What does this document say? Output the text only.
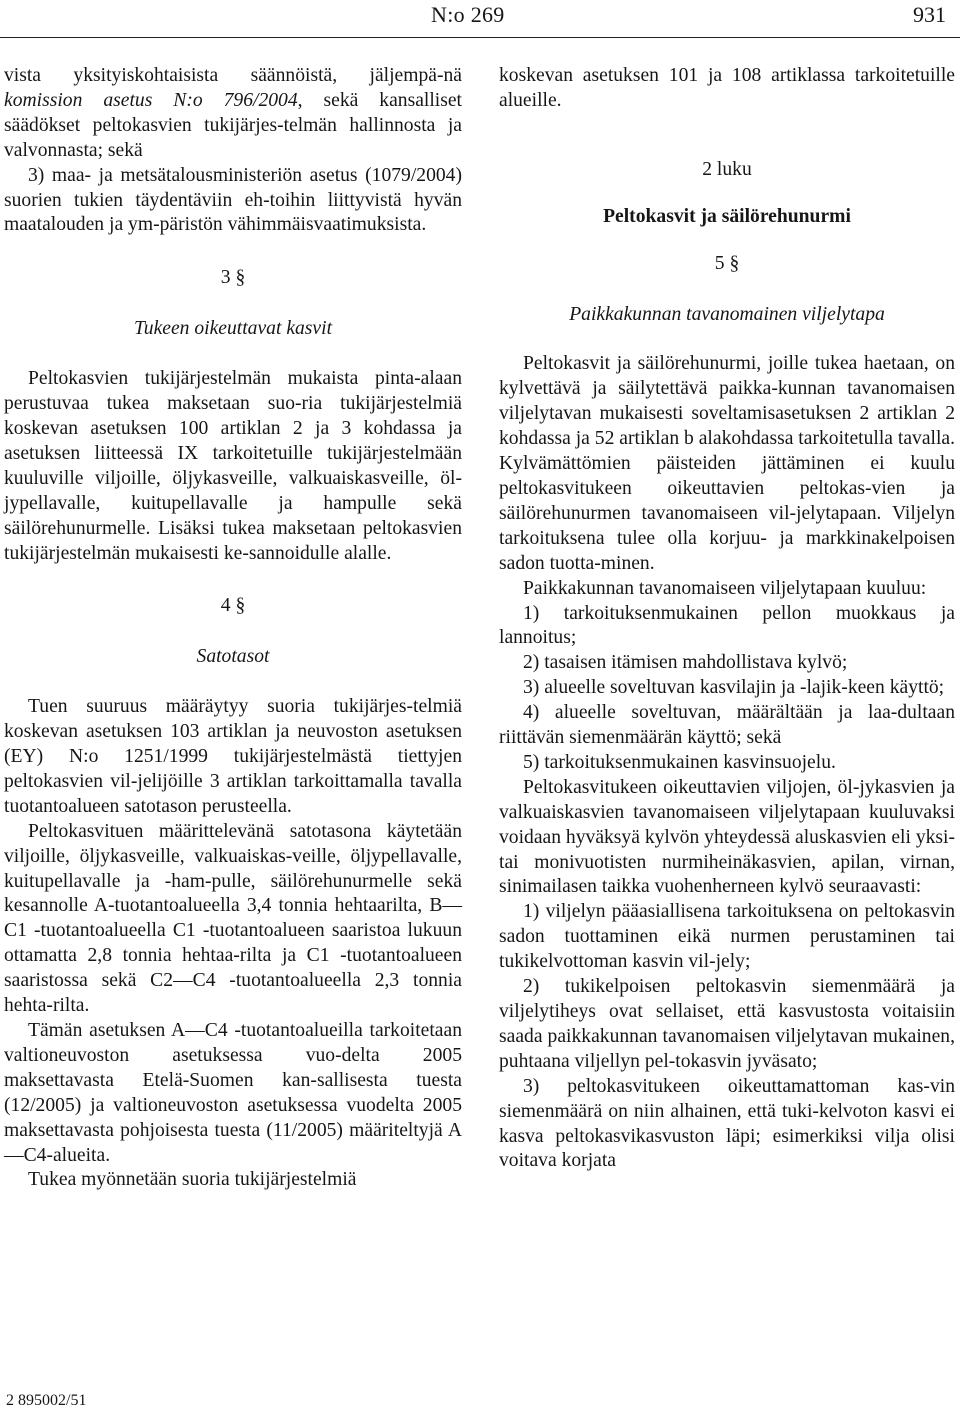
N:o 269	931

vista yksityiskohtaisista säännöistä, jäljempä-nä komission asetus N:o 796/2004, sekä kansalliset säädökset peltokasvien tukijärjes-telmän hallinnosta ja valvonnasta; sekä

3) maa- ja metsätalousministeriön asetus (1079/2004) suorien tukien täydentäviin eh-toihin liittyvistä hyvän maatalouden ja ym-päristön vähimmäisvaatimuksista.

3 §
Tukeen oikeuttavat kasvit

Peltokasvien tukijärjestelmän mukaista pinta-alaan perustuvaa tukea maksetaan suo-ria tukijärjestelmiä koskevan asetuksen 100 artiklan 2 ja 3 kohdassa ja asetuksen liitteessä IX tarkoitetuille tukijärjestelmään kuuluville viljoille, öljykasveille, valkuaiskasveille, öl-jypellavalle, kuitupellavalle ja hampulle sekä säilörehunurmelle. Lisäksi tukea maksetaan peltokasvien tukijärjestelmän mukaisesti ke-sannoidulle alalle.

4 §
Satotasot

Tuen suuruus määräytyy suoria tukijärjes-telmiä koskevan asetuksen 103 artiklan ja neuvoston asetuksen (EY) N:o 1251/1999 tukijärjestelmästä tiettyjen peltokasvien vil-jelijöille 3 artiklan tarkoittamalla tavalla tuotantoalueen satotason perusteella.

Peltokasvituen määrittelevänä satotasona käytetään viljoille, öljykasveille, valkuaiskas-veille, öljypellavalle, kuitupellavalle ja -ham-pulle, säilörehunurmelle sekä kesannolle A-tuotantoalueella 3,4 tonnia hehtaarilta, B—C1 -tuotantoalueella C1 -tuotantoalueen saaristoa lukuun ottamatta 2,8 tonnia hehtaa-rilta ja C1 -tuotantoalueen saaristossa sekä C2—C4 -tuotantoalueella 2,3 tonnia hehta-rilta.

Tämän asetuksen A—C4 -tuotantoalueilla tarkoitetaan valtioneuvoston asetuksessa vuo-delta 2005 maksettavasta Etelä-Suomen kan-sallisesta tuesta (12/2005) ja valtioneuvoston asetuksessa vuodelta 2005 maksettavasta pohjoisesta tuesta (11/2005) määriteltyjä A—C4-alueita.

Tukea myönnetään suoria tukijärjestelmiä

koskevan asetuksen 101 ja 108 artiklassa tarkoitetuille alueille.

2 luku
Peltokasvit ja säilörehunurmi
5 §
Paikkakunnan tavanomainen viljelytapa

Peltokasvit ja säilörehunurmi, joille tukea haetaan, on kylvettävä ja säilytettävä paikka-kunnan tavanomaisen viljelytavan mukaisesti soveltamisasetuksen 2 artiklan 2 kohdassa ja 52 artiklan b alakohdassa tarkoitetulla tavalla. Kylvämättömien päisteiden jättäminen ei kuulu peltokasvitukeen oikeuttavien peltokas-vien ja säilörehunurmen tavanomaiseen vil-jelytapaan. Viljelyn tarkoituksena tulee olla korjuu- ja markkinakelpoisen sadon tuotta-minen.

Paikkakunnan tavanomaiseen viljelytapaan kuuluu:

1) tarkoituksenmukainen pellon muokkaus ja lannoitus;

2) tasaisen itämisen mahdollistava kylvö;

3) alueelle soveltuvan kasvilajin ja -lajik-keen käyttö;

4) alueelle soveltuvan, määrältään ja laa-dultaan riittävän siemenmäärän käyttö; sekä

5) tarkoituksenmukainen kasvinsuojelu.

Peltokasvitukeen oikeuttavien viljojen, öl-jykasvien ja valkuaiskasvien tavanomaiseen viljelytapaan kuuluvaksi voidaan hyväksyä kylvön yhteydessä aluskasvien eli yksi- tai monivuotisten nurmiheinäkasvien, apilan, virnan, sinimailasen taikka vuohenherneen kylvö seuraavasti:

1) viljelyn pääasiallisena tarkoituksena on peltokasvin sadon tuottaminen eikä nurmen perustaminen tai tukikelvottoman kasvin vil-jely;

2) tukikelpoisen peltokasvin siemenmäärä ja viljelytiheys ovat sellaiset, että kasvustosta voitaisiin saada paikkakunnan tavanomaisen viljelytavan mukainen, puhtaana viljellyn pel-tokasvin jyväsato;

3) peltokasvitukeen oikeuttamattoman kas-vin siemenmäärä on niin alhainen, että tuki-kelvoton kasvi ei kasva peltokasvikasvuston läpi; esimerkiksi vilja olisi voitava korjata

2 895002/51
